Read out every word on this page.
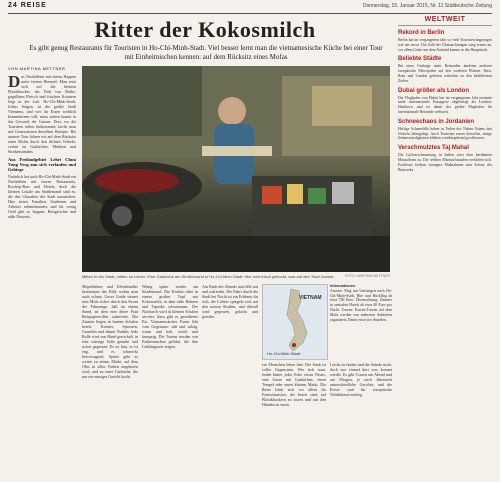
24 REISE	Donnerstag, 15. Januar 2015, Nr. 11 Süddeutsche Zeitung
Ritter der Kokosmilch
Es gibt genug Restaurants für Touristen in Ho-Chi-Minh-Stadt. Viel besser lernt man die vietnamesische Küche bei einer Tour mit Einheimischen kennen: auf dem Rücksitz eines Mofas
VON MARTINA METTNER
D as Nachtleben mit einem Happen unter freiem Himmel: Man setzt sich auf die kleinen Plastikhocker, der Duft von Brühe, gegrilltem Fleisch und frischen Kräutern liegt in der Luft. Ho-Chi-Minh-Stadt, früher Saigon, ist die größte Stadt Vietnams, und wer ihr Essen wirklich kennenlernen will, muss mitten hinein in das Gewusel der Gassen. Dort, wo die Touristen selten hinkommen, kocht man seit Generationen dieselben Rezepte. Bei unserer Tour fahren wir auf dem Rücksitz eines Mofas durch den dichten Verkehr, vorbei an Garküchen, Märkten und Straßenständen.
Aus Freilaufgebiet Lehrt Chưa Vong Verg ann sich verlaufen und Gebirge
Natürlich hat auch Ho-Chi-Minh-Stadt ein Nachtleben mit teuren Restaurants, Rooftop-Bars und Hotels, doch die kleinen Lokale am Straßenrand sind es, die den Charakter der Stadt ausmachen. Hier sitzen Familien, Studenten und Arbeiter nebeneinander, und für wenig Geld gibt es Suppen, Reisgerichte und süße Desserts.
Mitten in der Stadt, mitten im Leben: Eine Garküche am Straßenrand in Ho-Chi-Minh-Stadt. Hier wird frisch gekocht, was auf den Tisch kommt.	FOTO: MARTINA METTNER
Mopedfahrer und Kleinhändler bestimmen das Bild, wohin man auch schaut. Unser Guide steuert sein Mofa sicher durch den Strom der Fahrzeuge, hält an einem Stand, an dem eine ältere Frau Reispapierrollen zubereitet. Die Zutaten liegen in bunten Schalen bereit: Kräuter, Sprossen, Garnelen und dünne Nudeln. Jede Rolle wird von Hand gewickelt, in eine würzige Soße getunkt und sofort gegessen. Es ist laut, es ist eng, und es schmeckt hervorragend. Später geht es weiter zu einem Markt, auf dem Obst in allen Farben angeboten wird, und zu einer Garküche, die nur ein einziges Gericht kocht.
Wenig später wieder am Straßenrand. Die Köchin rührt in einem großen Topf mit Kokosmilch, in dem süße Bohnen und Tapioka schwimmen. Der Nachtisch wird in kleinen Schalen serviert, dazu gibt es gestoßenes Eis. Vietnamesisches Essen lebt vom Gegensatz: süß und salzig, warm und kalt, weich und knusprig. Die Touren werden von Einheimischen geführt, die ihre Lieblingsorte zeigen.
Am Ende des Abends sind alle satt und zufrieden. Die Fahrt durch die Stadt bei Nacht ist ein Erlebnis für sich, die Lichter spiegeln sich auf den nassen Straßen, und überall wird gegessen, gelacht und geredet.
VIETNAM
Ho-Chi-Minh-Stadt
Informationen
Anreise: Flug mit Umsteigen nach Ho-Chi-Minh-Stadt, Hin- und Rückflug ab etwa 700 Euro. Übernachtung: Zimmer in zentralen Hotels ab etwa 40 Euro pro Nacht. Touren: Essens-Touren auf dem Mofa werden von mehreren Anbietern organisiert, Dauer etwa vier Stunden.
ein Menschen leben hier. Die Stadt ist voller Gegensätze. Wer sich traut, findet hinter jeder Ecke etwas Neues, eine Gasse mit Garküchen, einen Tempel oder einen kleinen Markt. Die Reise lohnt sich vor allem für Feinschmecker, die bereit sind, auf Plastikhockern zu sitzen und mit den Händen zu essen.
Leicht zu finden sind die Stände nicht, doch wer einmal dort war, kommt wieder. Es gibt Touren am Abend und am Morgen, je nach Jahreszeit unterschiedliche Gerichte, und die Preise sind für europäische Verhältnisse niedrig.
WELTWEIT
Rekord in Berlin

Berlin hat im vergangenen Jahr so viele Touristen angezogen wie nie zuvor. Die Zahl der Übernachtungen stieg erneut an, vor allem Gäste aus dem Ausland kamen in die Hauptstadt.

Beliebte Städte

Bei einer Umfrage unter Reisenden landeten mehrere europäische Metropolen auf den vorderen Plätzen. Paris, Rom und London gehören weiterhin zu den beliebtesten Zielen.

Dubai größer als London

Der Flughafen von Dubai hat im vergangenen Jahr erstmals mehr internationale Passagiere abgefertigt als London-Heathrow und ist damit der größte Flughafen für internationale Reisende weltweit.

Schneechaos in Jordanien

Heftige Schneefälle haben in Teilen des Nahen Ostens den Verkehr lahmgelegt. Auch Touristen waren betroffen, einige Sehenswürdigkeiten blieben vorübergehend geschlossen.

Verschmutztes Taj Mahal

Die Luftverschmutzung in Indien setzt dem berühmten Mausoleum zu. Die weißen Marmorfassaden verfärben sich, Fachleute fordern strengere Maßnahmen zum Schutz des Bauwerks.
